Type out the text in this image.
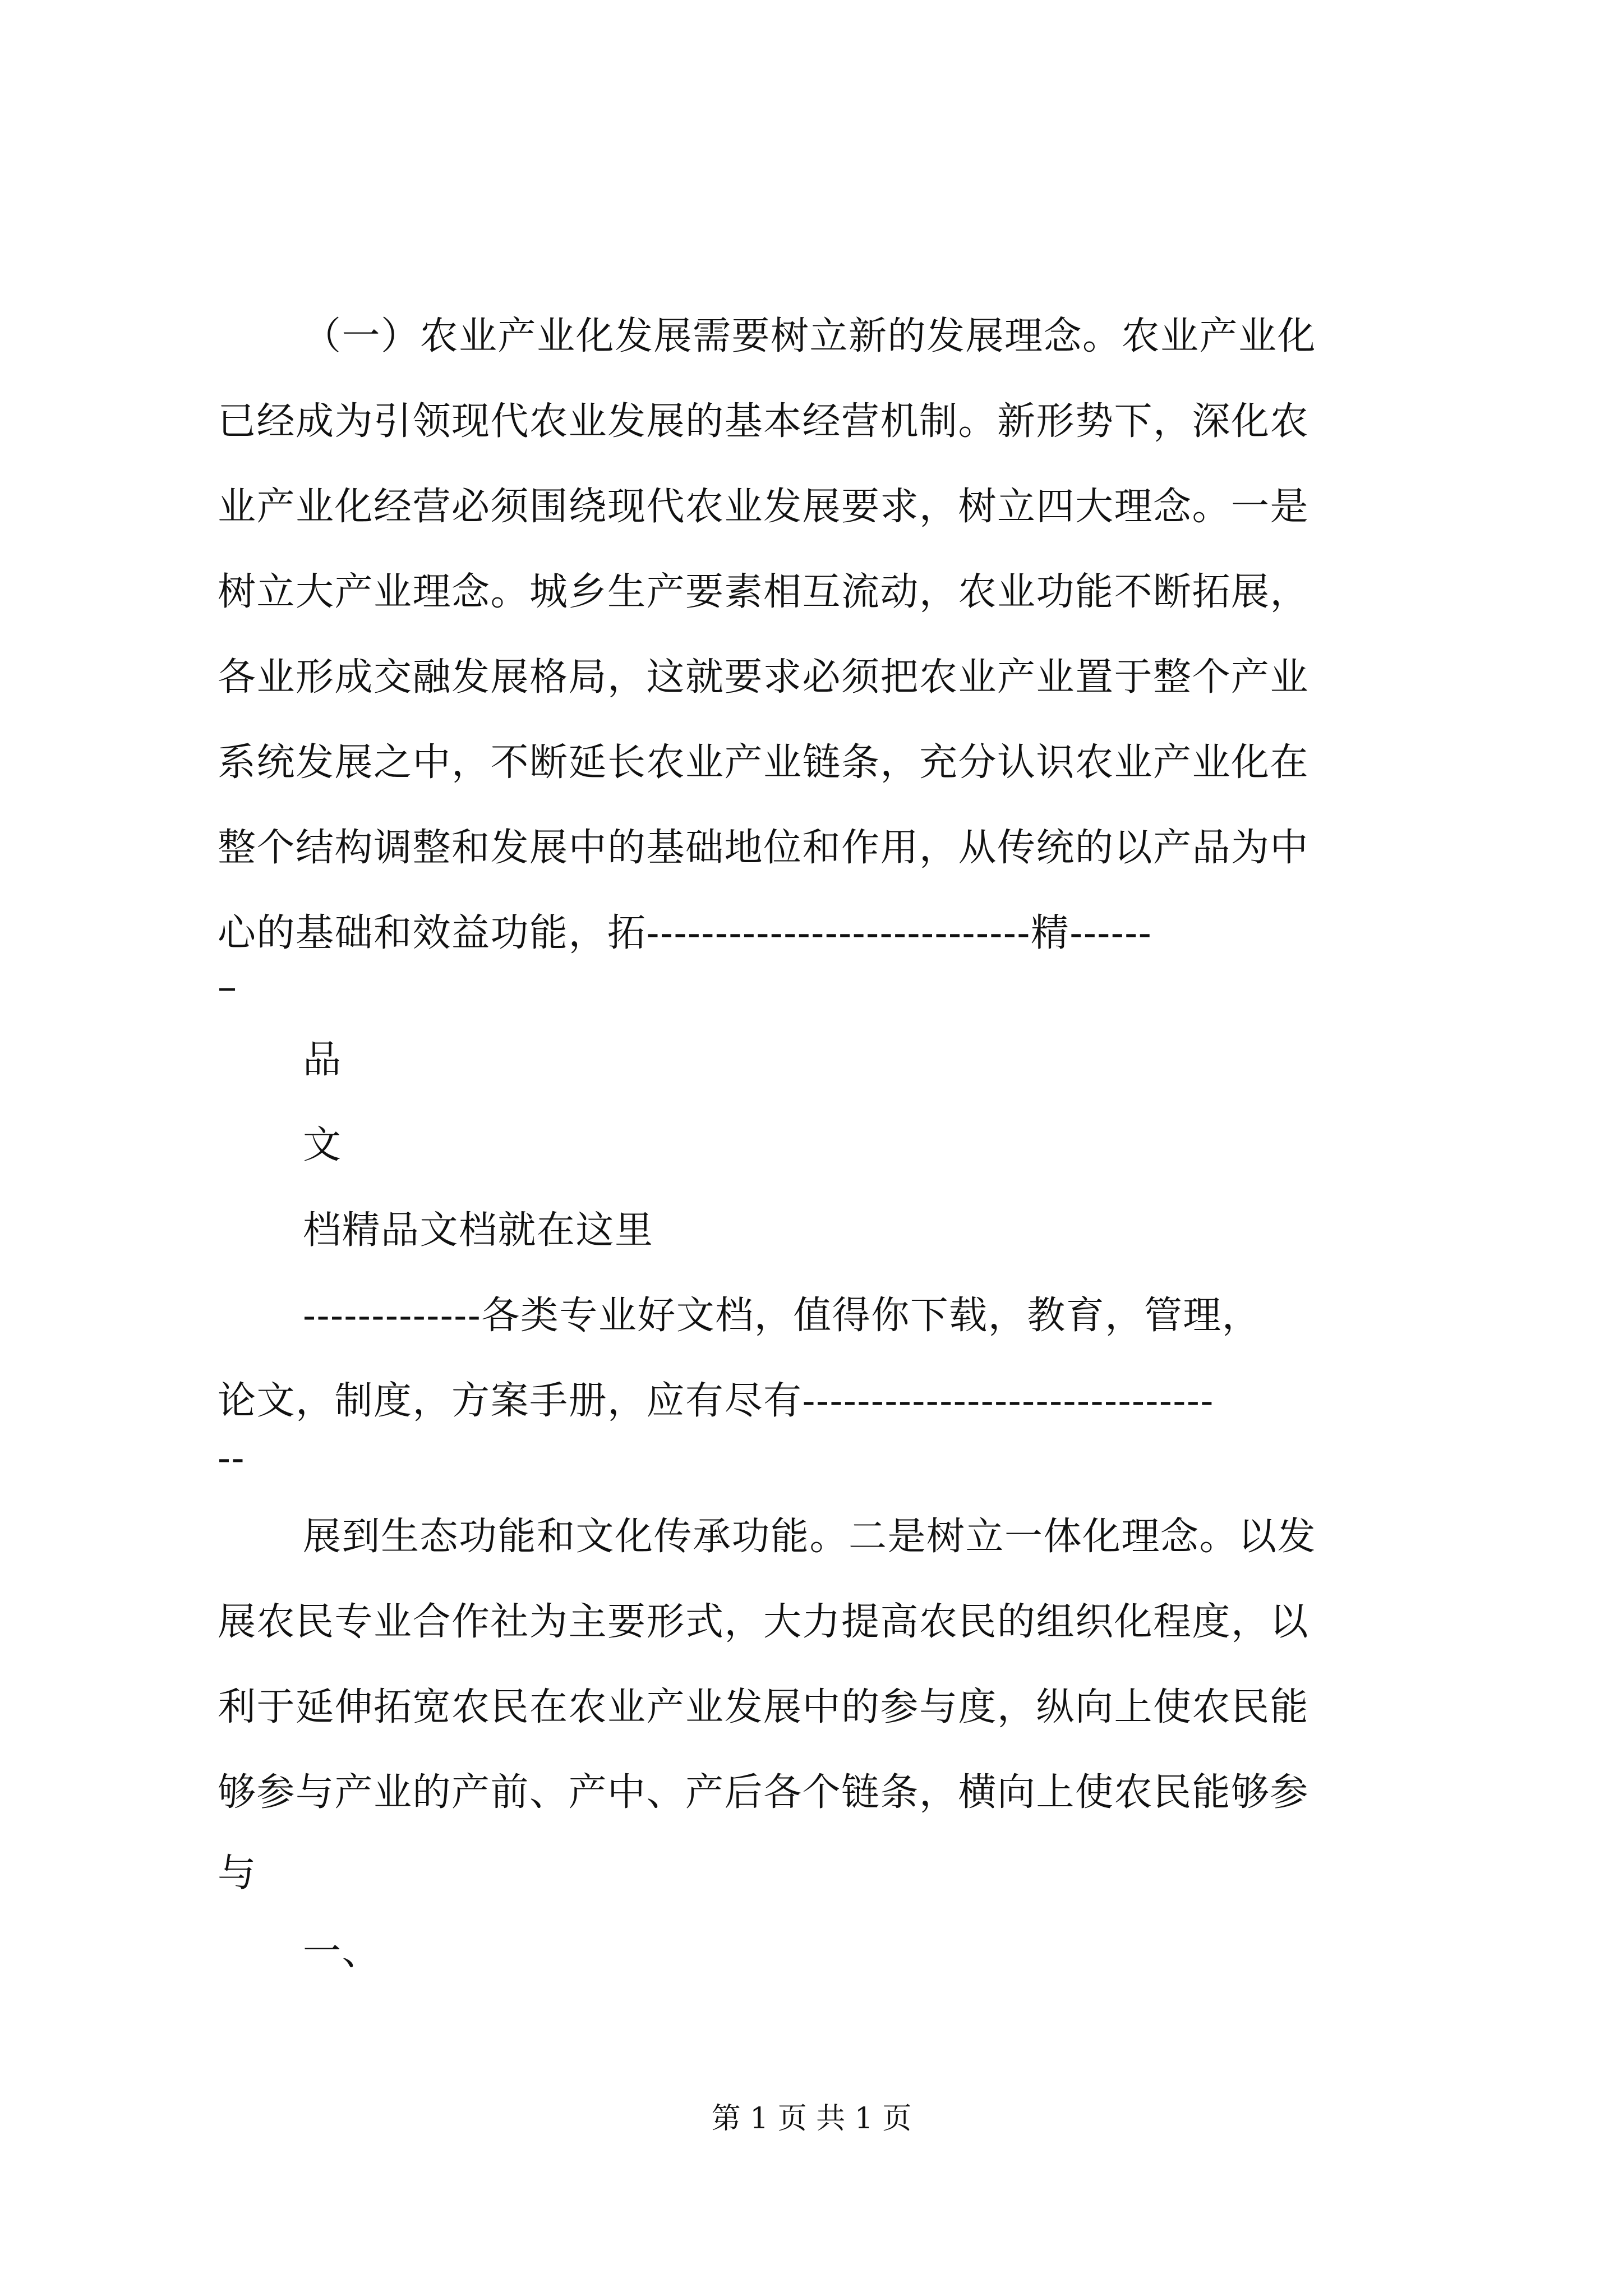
（一）农业产业化发展需要树立新的发展理念。农业产业化
已经成为引领现代农业发展的基本经营机制。新形势下，深化农
业产业化经营必须围绕现代农业发展要求，树立四大理念。一是
树立大产业理念。城乡生产要素相互流动，农业功能不断拓展，
各业形成交融发展格局，这就要求必须把农业产业置于整个产业
系统发展之中，不断延长农业产业链条，充分认识农业产业化在
整个结构调整和发展中的基础地位和作用，从传统的以产品为中
心的基础和效益功能，拓----------------------------精------
–
品
文
档精品文档就在这里
-------------各类专业好文档，值得你下载，教育，管理，
论文，制度，方案手册，应有尽有------------------------------
--
展到生态功能和文化传承功能。二是树立一体化理念。以发
展农民专业合作社为主要形式，大力提高农民的组织化程度，以
利于延伸拓宽农民在农业产业发展中的参与度，纵向上使农民能
够参与产业的产前、产中、产后各个链条，横向上使农民能够参
与
一、
第 1 页 共 1 页
